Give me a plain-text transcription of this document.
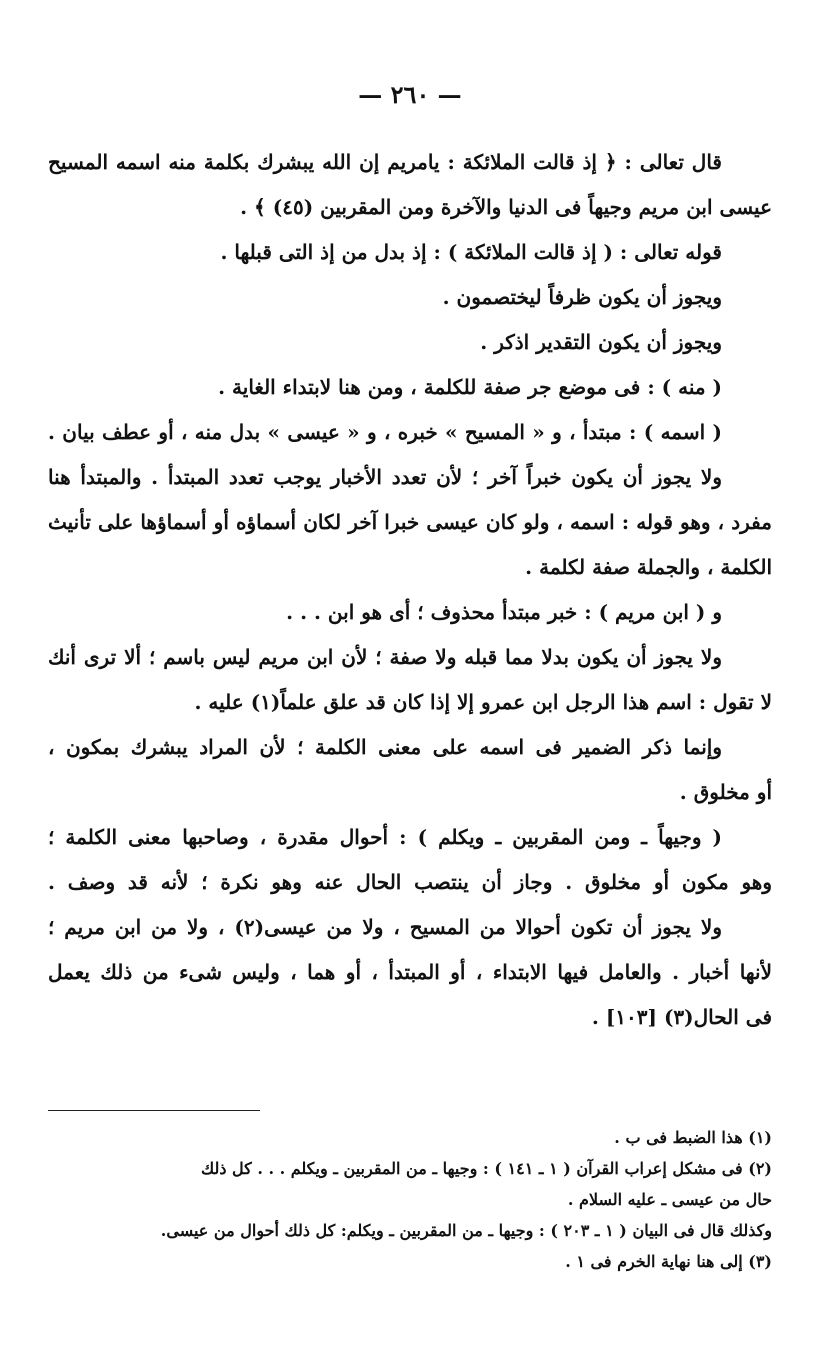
— ٢٦٠ —
قال تعالى : ﴿ إذ قالت الملائكة : يامريم إن الله يبشرك بكلمة منه اسمه المسيح
عيسى ابن مريم وجيهاً فى الدنيا والآخرة ومن المقربين (٤٥) ﴾ .
قوله تعالى : ( إذ قالت الملائكة ) : إذ بدل من إذ التى قبلها .
ويجوز أن يكون ظرفاً ليختصمون .
ويجوز أن يكون التقدير اذكر .
( منه ) : فى موضع جر صفة للكلمة ، ومن هنا لابتداء الغاية .
( اسمه ) : مبتدأ ، و « المسيح » خبره ، و « عيسى » بدل منه ، أو عطف بيان .
ولا يجوز أن يكون خبراً آخر ؛ لأن تعدد الأخبار يوجب تعدد المبتدأ . والمبتدأ هنا
مفرد ، وهو قوله : اسمه ، ولو كان عيسى خبرا آخر لكان أسماؤه أو أسماؤها على تأنيث
الكلمة ، والجملة صفة لكلمة .
و ( ابن مريم ) : خبر مبتدأ محذوف ؛ أى هو ابن . . .
ولا يجوز أن يكون بدلا مما قبله ولا صفة ؛ لأن ابن مريم ليس باسم ؛ ألا ترى أنك
لا تقول : اسم هذا الرجل ابن عمرو إلا إذا كان قد علق علماً(١) عليه .
وإنما ذكر الضمير فى اسمه على معنى الكلمة ؛ لأن المراد يبشرك بمكون ،
أو مخلوق .
( وجيهاً ـ ومن المقربين ـ ويكلم ) : أحوال مقدرة ، وصاحبها معنى الكلمة ؛
وهو مكون أو مخلوق . وجاز أن ينتصب الحال عنه وهو نكرة ؛ لأنه قد وصف .
ولا يجوز أن تكون أحوالا من المسيح ، ولا من عيسى(٢) ، ولا من ابن مريم ؛
لأنها أخبار . والعامل فيها الابتداء ، أو المبتدأ ، أو هما ، وليس شىء من ذلك يعمل
فى الحال(٣) [١٠٣] .
(١) هذا الضبط فى ب .
(٢) فى مشكل إعراب القرآن ( ١ ـ ١٤١ ) : وجيها ـ من المقربين ـ ويكلم . . . كل ذلك
حال من عيسى ـ عليه السلام .
وكذلك قال فى البيان ( ١ ـ ٢٠٣ ) : وجيها ـ من المقربين ـ ويكلم: كل ذلك أحوال من عيسى.
(٣) إلى هنا نهاية الخرم فى ١ .
